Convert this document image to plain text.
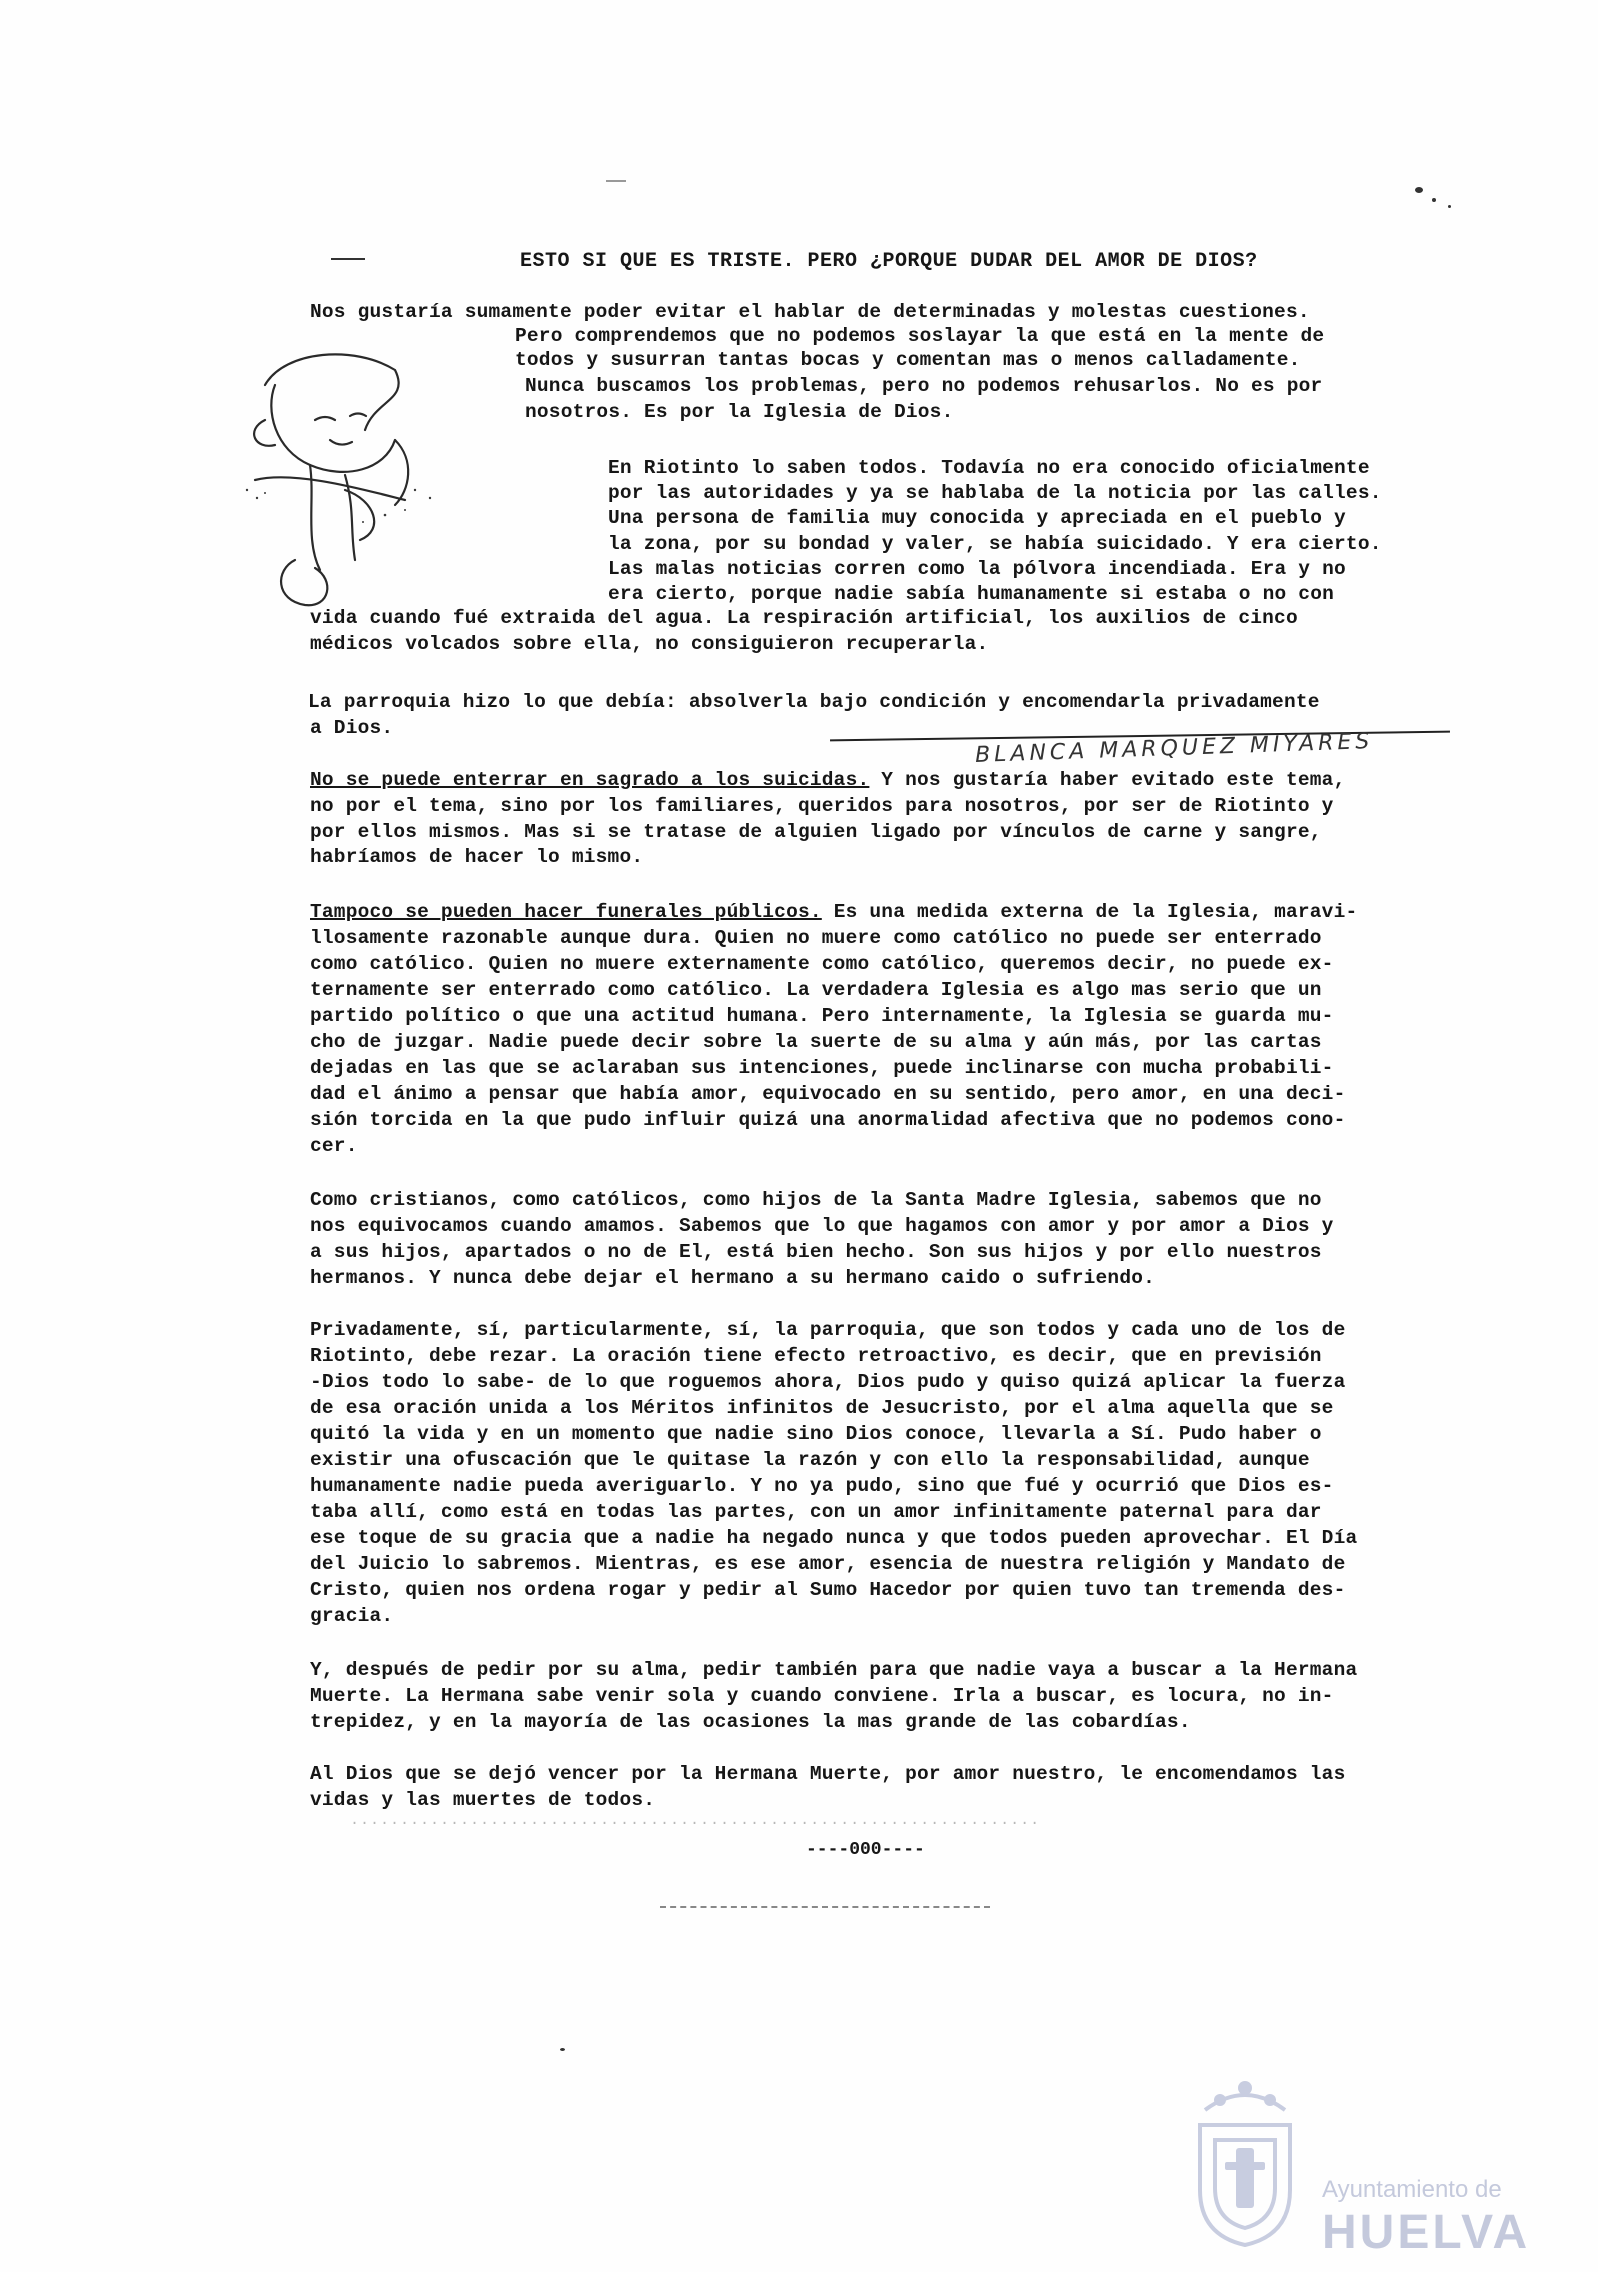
ESTO SI QUE ES TRISTE. PERO ¿PORQUE DUDAR DEL AMOR DE DIOS?
Nos gustaría sumamente poder evitar el hablar de determinadas y molestas cuestiones.
Pero comprendemos que no podemos soslayar la que está en la mente de
todos y susurran tantas bocas y comentan mas o menos calladamente.
Nunca buscamos los problemas, pero no podemos rehusarlos. No es por
nosotros. Es por la Iglesia de Dios.
En Riotinto lo saben todos. Todavía no era conocido oficialmente
por las autoridades y ya se hablaba de la noticia por las calles.
Una persona de familia muy conocida y apreciada en el pueblo y
la zona, por su bondad y valer, se había suicidado. Y era cierto.
Las malas noticias corren como la pólvora incendiada. Era y no
era cierto, porque nadie sabía humanamente si estaba o no con
vida cuando fué extraida del agua. La respiración artificial, los auxilios de cinco
médicos volcados sobre ella, no consiguieron recuperarla.
La parroquia hizo lo que debía: absolverla bajo condición y encomendarla privadamente
a Dios.
BLANCA MARQUEZ MIYARES
No se puede enterrar en sagrado a los suicidas. Y nos gustaría haber evitado este tema,
no por el tema, sino por los familiares, queridos para nosotros, por ser de Riotinto y
por ellos mismos. Mas si se tratase de alguien ligado por vínculos de carne y sangre,
habríamos de hacer lo mismo.
Tampoco se pueden hacer funerales públicos. Es una medida externa de la Iglesia, maravi-
llosamente razonable aunque dura. Quien no muere como católico no puede ser enterrado
como católico. Quien no muere externamente como católico, queremos decir, no puede ex-
ternamente ser enterrado como católico. La verdadera Iglesia es algo mas serio que un
partido político o que una actitud humana. Pero internamente, la Iglesia se guarda mu-
cho de juzgar. Nadie puede decir sobre la suerte de su alma y aún más, por las cartas
dejadas en las que se aclaraban sus intenciones, puede inclinarse con mucha probabili-
dad el ánimo a pensar que había amor, equivocado en su sentido, pero amor, en una deci-
sión torcida en la que pudo influir quizá una anormalidad afectiva que no podemos cono-
cer.
Como cristianos, como católicos, como hijos de la Santa Madre Iglesia, sabemos que no
nos equivocamos cuando amamos. Sabemos que lo que hagamos con amor y por amor a Dios y
a sus hijos, apartados o no de El, está bien hecho. Son sus hijos y por ello nuestros
hermanos. Y nunca debe dejar el hermano a su hermano caido o sufriendo.
Privadamente, sí, particularmente, sí, la parroquia, que son todos y cada uno de los de
Riotinto, debe rezar. La oración tiene efecto retroactivo, es decir, que en previsión
-Dios todo lo sabe- de lo que roguemos ahora, Dios pudo y quiso quizá aplicar la fuerza
de esa oración unida a los Méritos infinitos de Jesucristo, por el alma aquella que se
quitó la vida y en un momento que nadie sino Dios conoce, llevarla a Sí. Pudo haber o
existir una ofuscación que le quitase la razón y con ello la responsabilidad, aunque
humanamente nadie pueda averiguarlo. Y no ya pudo, sino que fué y ocurrió que Dios es-
taba allí, como está en todas las partes, con un amor infinitamente paternal para dar
ese toque de su gracia que a nadie ha negado nunca y que todos pueden aprovechar. El Día
del Juicio lo sabremos. Mientras, es ese amor, esencia de nuestra religión y Mandato de
Cristo, quien nos ordena rogar y pedir al Sumo Hacedor por quien tuvo tan tremenda des-
gracia.
Y, después de pedir por su alma, pedir también para que nadie vaya a buscar a la Hermana
Muerte. La Hermana sabe venir sola y cuando conviene. Irla a buscar, es locura, no in-
trepidez, y en la mayoría de las ocasiones la mas grande de las cobardías.
Al Dios que se dejó vencer por la Hermana Muerte, por amor nuestro, le encomendamos las
vidas y las muertes de todos.
.....................................................................
----000----
Ayuntamiento de
HUELVA
